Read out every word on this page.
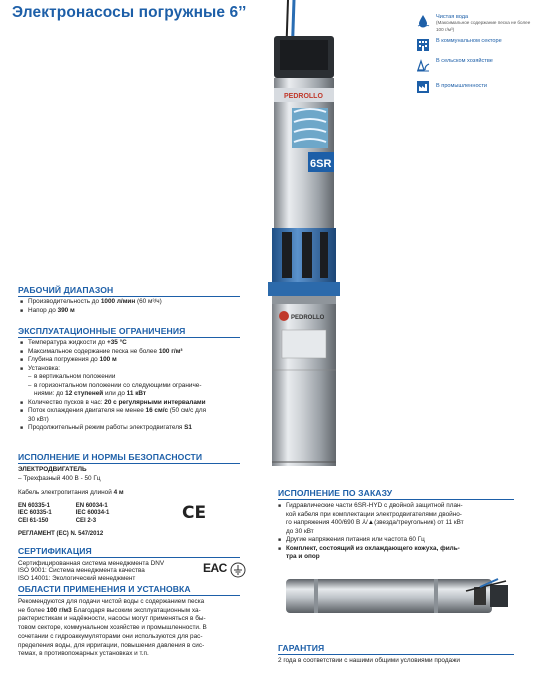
Электронасосы погружные 6’’	Чистая вода
(Максимальное содержание песка не более 100 г/м³)
В коммунальном секторе
В сельском хозяйстве
В промышленности
PEDROLLO
6SR
PEDROLLO
РАБОЧИЙ ДИАПАЗОН
■ Производительность до 1000 л/мин (60 м³/ч)
■ Напор до 390 м
ЭКСПЛУАТАЦИОННЫЕ ОГРАНИЧЕНИЯ
■ Температура жидкости до +35 °C
■ Максимальное содержание песка не более 100 г/м³
■ Глубина погружения до 100 м
■ Установка:
– в вертикальном положении
– в горизонтальном положении со следующими ограниче-
ниями: до 12 ступеней или до 11 кВт
■ Количество пусков в час: 20 с регулярными интервалами
■ Поток охлаждения двигателя не менее 16 см/с (50 см/с для
30 кВт)
■ Продолжительный режим работы электродвигателя S1
ИСПОЛНЕНИЕ И НОРМЫ БЕЗОПАСНОСТИ
ЭЛЕКТРОДВИГАТЕЛЬ
– Трехфазный 400 В - 50 Гц
Кабель электропитания длиной 4 м
EN 60335-1	EN 60034-1
IEC 60335-1	IEC 60034-1
CEI 61-150	CEI 2-3	CE
РЕГЛАМЕНТ (ЕС) N. 547/2012
СЕРТИФИКАЦИЯ
Сертифицированная система менеджмента DNV
ISO 9001: Система менеджмента качества
ISO 14001: Экологический менеджмент
EAC
ОБЛАСТИ ПРИМЕНЕНИЯ И УСТАНОВКА
Рекомендуются для подачи чистой воды с содержанием песка
не более 100 г/м3 Благодаря высоким эксплуатационным ха-
рактеристикам и надёжности, насосы могут применяться в бы-
товом секторе, коммунальном хозяйстве и промышленности. В
сочетании с гидроаккумуляторами они используются для рас-
пределения воды, для ирригации, повышения давления в сис-
темах, в противопожарных установках и т.п.
ИСПОЛНЕНИЕ ПО ЗАКАЗУ
■ Гидравлические части 6SR-HYD с двойной защитной план-
кой кабеля при комплектации электродвигателями двойно-
го напряжения 400/690 В ⅄/▲(звезда/треугольник) от 11 кВт
до 30 кВт
■ Другие напряжения питания или частота 60 Гц
■ Комплект, состоящий из охлаждающего кожуха, филь-
тра и опор
ГАРАНТИЯ
2 года в соответствии с нашими общими условиями продажи
